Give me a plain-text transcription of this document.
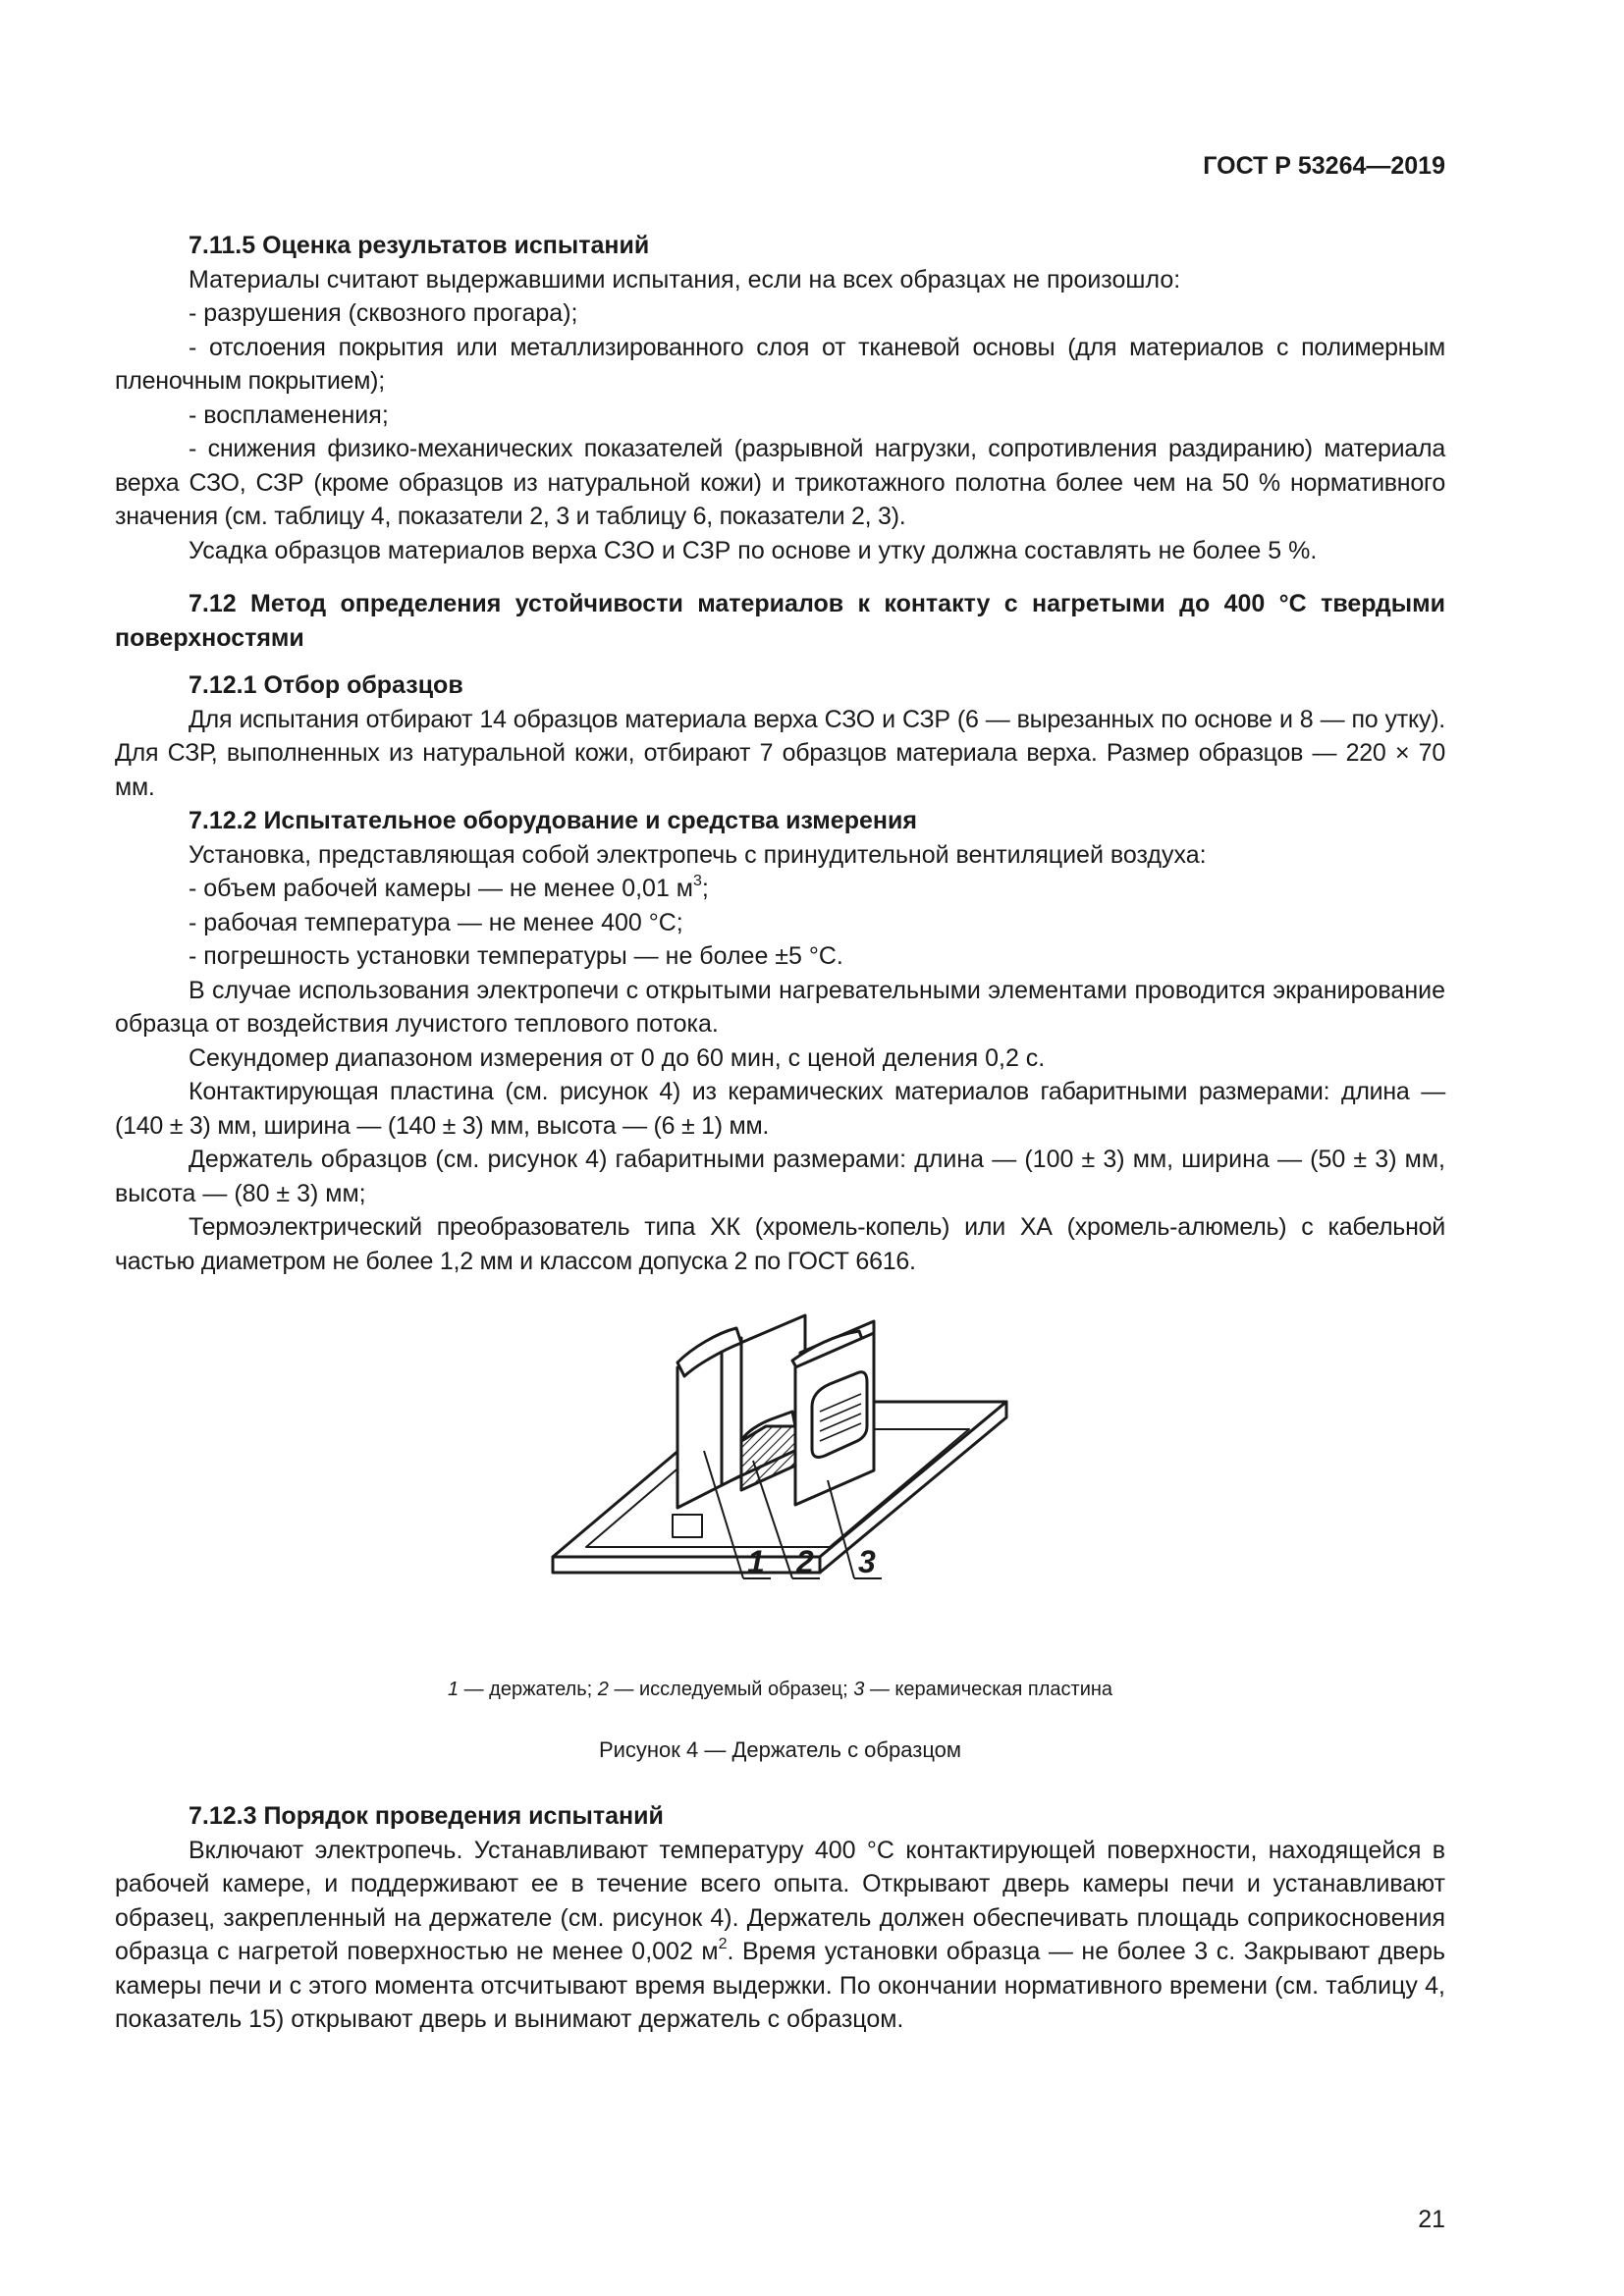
ГОСТ Р 53264—2019

7.11.5 Оценка результатов испытаний

Материалы считают выдержавшими испытания, если на всех образцах не произошло:

- разрушения (сквозного прогара);

- отслоения покрытия или металлизированного слоя от тканевой основы (для материалов с полимерным пленочным покрытием);

- воспламенения;

- снижения физико-механических показателей (разрывной нагрузки, сопротивления раздиранию) материала верха СЗО, СЗР (кроме образцов из натуральной кожи) и трикотажного полотна более чем на 50 % нормативного значения (см. таблицу 4, показатели 2, 3 и таблицу 6, показатели 2, 3).

Усадка образцов материалов верха СЗО и СЗР по основе и утку должна составлять не более 5 %.

7.12 Метод определения устойчивости материалов к контакту с нагретыми до 400 °С твердыми поверхностями

7.12.1 Отбор образцов

Для испытания отбирают 14 образцов материала верха СЗО и СЗР (6 — вырезанных по основе и 8 — по утку). Для СЗР, выполненных из натуральной кожи, отбирают 7 образцов материала верха. Размер образцов — 220 × 70 мм.

7.12.2 Испытательное оборудование и средства измерения

Установка, представляющая собой электропечь с принудительной вентиляцией воздуха:

- объем рабочей камеры — не менее 0,01 $м^3$;

- рабочая температура — не менее 400 °С;

- погрешность установки температуры — не более ±5 °С.

В случае использования электропечи с открытыми нагревательными элементами проводится экранирование образца от воздействия лучистого теплового потока.

Секундомер диапазоном измерения от 0 до 60 мин, с ценой деления 0,2 с.

Контактирующая пластина (см. рисунок 4) из керамических материалов габаритными размерами: длина — (140 ± 3) мм, ширина — (140 ± 3) мм, высота — (6 ± 1) мм.

Держатель образцов (см. рисунок 4) габаритными размерами: длина — (100 ± 3) мм, ширина — (50 ± 3) мм, высота — (80 ± 3) мм;

Термоэлектрический преобразователь типа ХК (хромель-копель) или ХА (хромель-алюмель) с кабельной частью диаметром не более 1,2 мм и классом допуска 2 по ГОСТ 6616.

1 2 3
1 — держатель; 2 — исследуемый образец; 3 — керамическая пластина
Рисунок 4 — Держатель с образцом

7.12.3 Порядок проведения испытаний

Включают электропечь. Устанавливают температуру 400 °С контактирующей поверхности, находящейся в рабочей камере, и поддерживают ее в течение всего опыта. Открывают дверь камеры печи и устанавливают образец, закрепленный на держателе (см. рисунок 4). Держатель должен обеспечивать площадь соприкосновения образца с нагретой поверхностью не менее 0,002 $м^2$. Время установки образца — не более 3 с. Закрывают дверь камеры печи и с этого момента отсчитывают время выдержки. По окончании нормативного времени (см. таблицу 4, показатель 15) открывают дверь и вынимают держатель с образцом.

21
